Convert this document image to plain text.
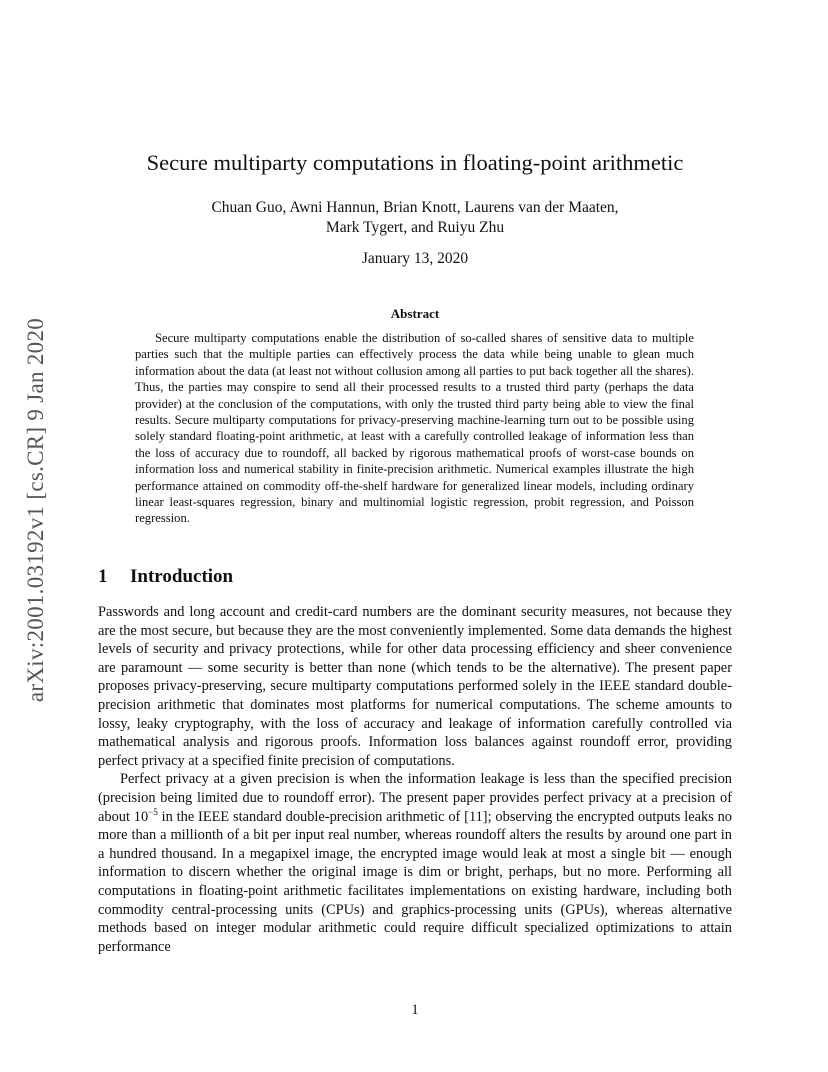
arXiv:2001.03192v1 [cs.CR] 9 Jan 2020
Secure multiparty computations in floating-point arithmetic
Chuan Guo, Awni Hannun, Brian Knott, Laurens van der Maaten,
Mark Tygert, and Ruiyu Zhu
January 13, 2020
Abstract

Secure multiparty computations enable the distribution of so-called shares of sensitive data to multiple parties such that the multiple parties can effectively process the data while being unable to glean much information about the data (at least not without collusion among all parties to put back together all the shares). Thus, the parties may conspire to send all their processed results to a trusted third party (perhaps the data provider) at the conclusion of the computations, with only the trusted third party being able to view the final results. Secure multiparty computations for privacy-preserving machine-learning turn out to be possible using solely standard floating-point arithmetic, at least with a carefully controlled leakage of information less than the loss of accuracy due to roundoff, all backed by rigorous mathematical proofs of worst-case bounds on information loss and numerical stability in finite-precision arithmetic. Numerical examples illustrate the high performance attained on commodity off-the-shelf hardware for generalized linear models, including ordinary linear least-squares regression, binary and multinomial logistic regression, probit regression, and Poisson regression.

1 Introduction

Passwords and long account and credit-card numbers are the dominant security measures, not because they are the most secure, but because they are the most conveniently implemented. Some data demands the highest levels of security and privacy protections, while for other data processing efficiency and sheer convenience are paramount — some security is better than none (which tends to be the alternative). The present paper proposes privacy-preserving, secure multiparty computations performed solely in the IEEE standard double-precision arithmetic that dominates most platforms for numerical computations. The scheme amounts to lossy, leaky cryptography, with the loss of accuracy and leakage of information carefully controlled via mathematical analysis and rigorous proofs. Information loss balances against roundoff error, providing perfect privacy at a specified finite precision of computations.

Perfect privacy at a given precision is when the information leakage is less than the specified precision (precision being limited due to roundoff error). The present paper provides perfect privacy at a precision of about $10^{-5}$ in the IEEE standard double-precision arithmetic of [11]; observing the encrypted outputs leaks no more than a millionth of a bit per input real number, whereas roundoff alters the results by around one part in a hundred thousand. In a megapixel image, the encrypted image would leak at most a single bit — enough information to discern whether the original image is dim or bright, perhaps, but no more. Performing all computations in floating-point arithmetic facilitates implementations on existing hardware, including both commodity central-processing units (CPUs) and graphics-processing units (GPUs), whereas alternative methods based on integer modular arithmetic could require difficult specialized optimizations to attain performance

1
